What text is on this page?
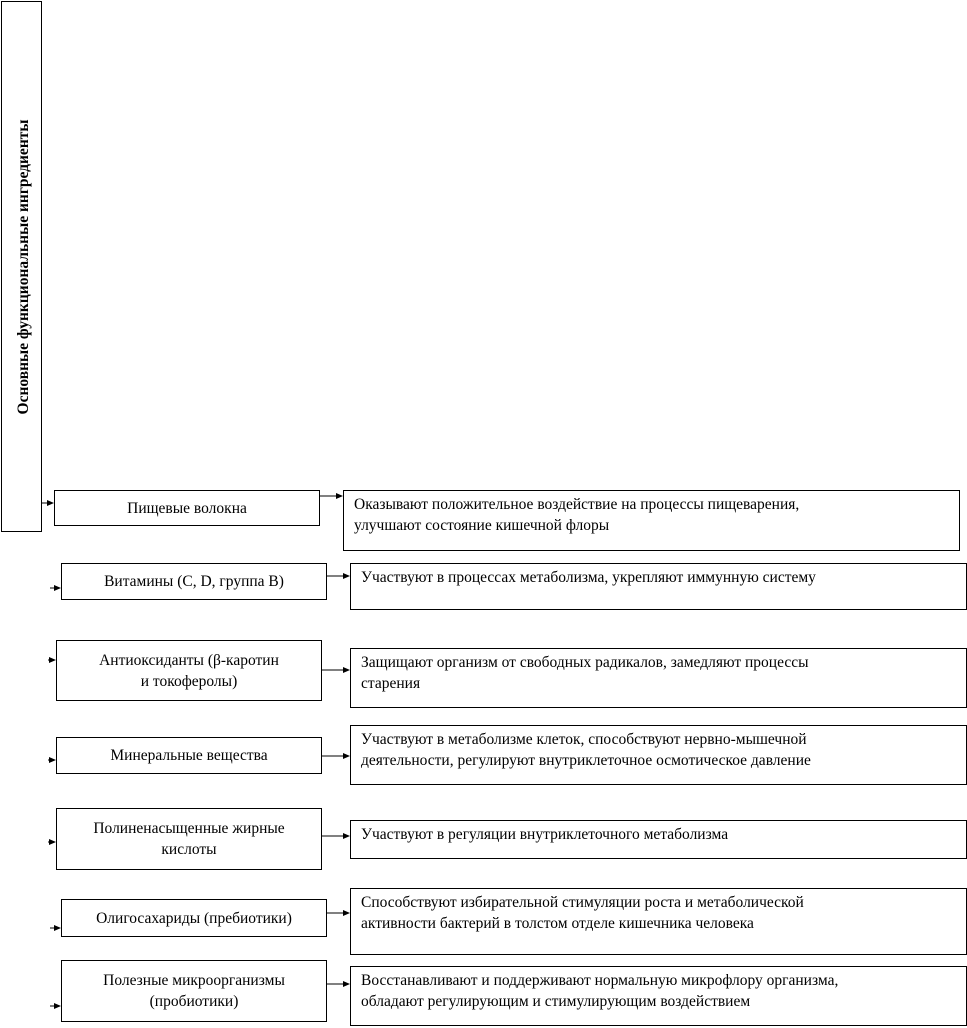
Основные функциональные ингредиенты
Пищевые волокна	Оказывают положительное воздействие на процессы пищеварения,
улучшают состояние кишечной флоры
Витамины (С, D, группа В)	Участвуют в процессах метаболизма, укрепляют иммунную систему
Антиоксиданты (β-каротин
и токоферолы)
Защищают организм от свободных радикалов, замедляют процессы
старения
Минеральные вещества
Участвуют в метаболизме клеток, способствуют нервно-мышечной
деятельности, регулируют внутриклеточное осмотическое давление
Полиненасыщенные жирные
кислоты
Участвуют в регуляции внутриклеточного метаболизма
Олигосахариды (пребиотики)
Способствуют избирательной стимуляции роста и метаболической
активности бактерий в толстом отделе кишечника человека
Полезные микроорганизмы
(пробиотики)
Восстанавливают и поддерживают нормальную микрофлору организма,
обладают регулирующим и стимулирующим воздействием
